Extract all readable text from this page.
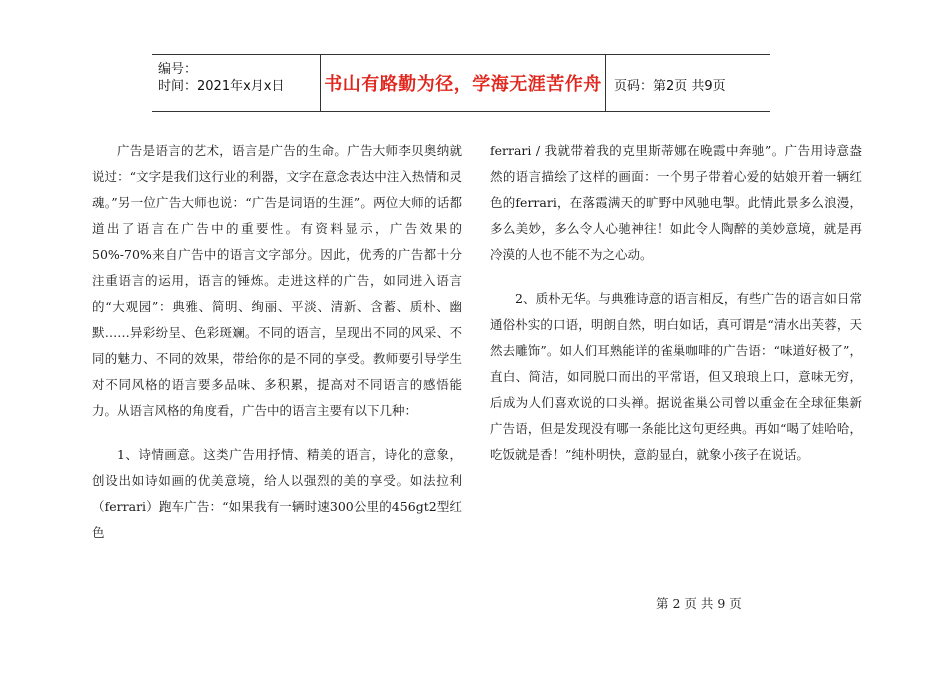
编号：
时间：2021年x月x日 书山有路勤为径，学海无涯苦作舟 页码：第2页 共9页

广告是语言的艺术，语言是广告的生命。广告大师李贝奥纳就说过：“文字是我们这行业的利器，文字在意念表达中注入热情和灵魂。”另一位广告大师也说：“广告是词语的生涯”。两位大师的话都道出了语言在广告中的重要性。有资料显示，广告效果的50%-70%来自广告中的语言文字部分。因此，优秀的广告都十分注重语言的运用，语言的锤炼。走进这样的广告，如同进入语言的“大观园”：典雅、简明、绚丽、平淡、清新、含蓄、质朴、幽默……异彩纷呈、色彩斑斓。不同的语言，呈现出不同的风采、不同的魅力、不同的效果，带给你的是不同的享受。教师要引导学生对不同风格的语言要多品味、多积累，提高对不同语言的感悟能力。从语言风格的角度看，广告中的语言主要有以下几种：

1、诗情画意。这类广告用抒情、精美的语言，诗化的意象，创设出如诗如画的优美意境，给人以强烈的美的享受。如法拉利（ferrari）跑车广告：“如果我有一辆时速300公里的456gt2型红色

ferrari / 我就带着我的克里斯蒂娜在晚霞中奔驰”。广告用诗意盎然的语言描绘了这样的画面：一个男子带着心爱的姑娘开着一辆红色的ferrari，在落霞满天的旷野中风驰电掣。此情此景多么浪漫，多么美妙，多么令人心驰神往！如此令人陶醉的美妙意境，就是再冷漠的人也不能不为之心动。

2、质朴无华。与典雅诗意的语言相反，有些广告的语言如日常通俗朴实的口语，明朗自然，明白如话，真可谓是“清水出芙蓉，天然去雕饰”。如人们耳熟能详的雀巢咖啡的广告语：“味道好极了”，直白、简洁，如同脱口而出的平常语，但又琅琅上口，意味无穷，后成为人们喜欢说的口头禅。据说雀巢公司曾以重金在全球征集新广告语，但是发现没有哪一条能比这句更经典。再如“喝了娃哈哈，吃饭就是香！”纯朴明快，意韵显白，就象小孩子在说话。

第 2 页 共 9 页
